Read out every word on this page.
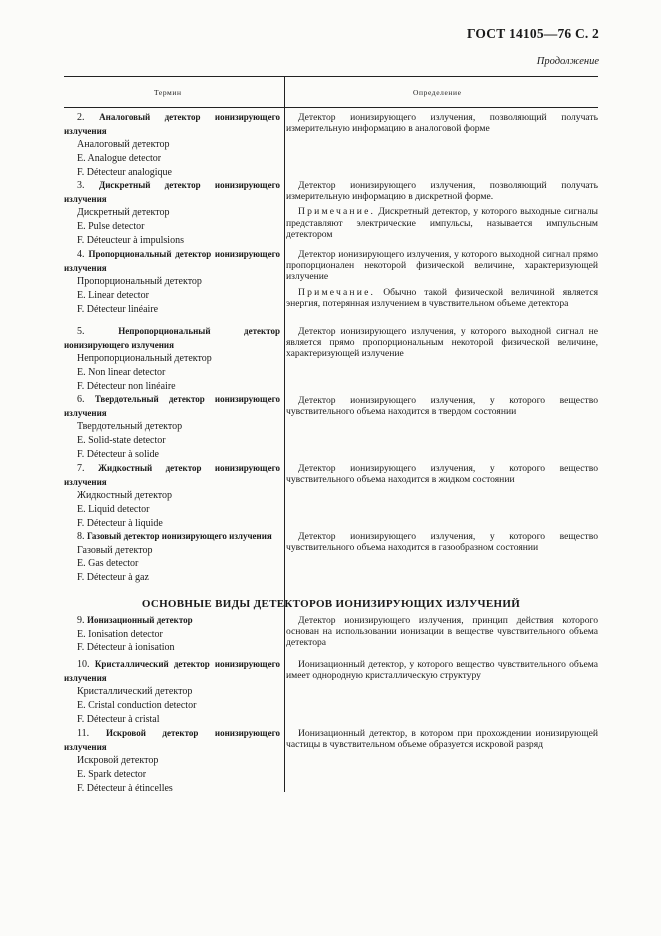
ГОСТ 14105—76 С. 2
Продолжение
Термин	Определение
2. Аналоговый детектор ионизирующего излучения
Аналоговый детектор
E. Analogue detector
F. Détecteur analogique
Детектор ионизирующего излучения, позволяющий получать измерительную информацию в аналоговой форме
3. Дискретный детектор ионизирующего излучения
Дискретный детектор
E. Pulse detector
F. Déteucteur à impulsions
Детектор ионизирующего излучения, позволяющий получать измерительную информацию в дискретной форме.
Примечание. Дискретный детектор, у которого выходные сигналы представляют электрические импульсы, называется импульсным детектором
4. Пропорциональный детектор ионизирующего излучения
Пропорциональный детектор
E. Linear detector
F. Détecteur linéaire
Детектор ионизирующего излучения, у которого выходной сигнал прямо пропорционален некоторой физической величине, характеризующей излучение
Примечание. Обычно такой физической величиной является энергия, потерянная излучением в чувствительном объеме детектора
5.	Непропорциональный детектор ионизирующего излучения
Непропорциональный детектор
E. Non linear detector
F. Détecteur non linéaire
Детектор ионизирующего излучения, у которого выходной сигнал не является прямо пропорциональным некоторой физической величине, характеризующей излучение
6. Твердотельный детектор ионизирующего излучения
Твердотельный детектор
E. Solid-state detector
F. Détecteur à solide
Детектор ионизирующего излучения, у которого вещество чувствительного объема находится в твердом состоянии
7. Жидкостный детектор ионизирующего излучения
Жидкостный детектор
E. Liquid detector
F. Détecteur à liquide
Детектор ионизирующего излучения, у которого вещество чувствительного объема находится в жидком состоянии
8. Газовый детектор ионизирующего излучения
Газовый детектор
E. Gas detector
F. Détecteur à gaz
Детектор ионизирующего излучения, у которого вещество чувствительного объема находится в газообразном состоянии
ОСНОВНЫЕ ВИДЫ ДЕТЕКТОРОВ ИОНИЗИРУЮЩИХ ИЗЛУЧЕНИЙ
9. Ионизационный детектор
E. Ionisation detector
F. Détecteur à ionisation
Детектор ионизирующего излучения, принцип действия которого основан на использовании ионизации в веществе чувствительного объема детектора
10. Кристаллический детектор ионизирующего излучения
Кристаллический детектор
E. Cristal conduction detector
F. Détecteur à cristal
Ионизационный детектор, у которого вещество чувствительного объема имеет однородную кристаллическую структуру
11. Искровой детектор ионизирующего излучения
Искровой детектор
E. Spark detector
F. Détecteur à étincelles
Ионизационный детектор, в котором при прохождении ионизирующей частицы в чувствительном объеме образуется искровой разряд
